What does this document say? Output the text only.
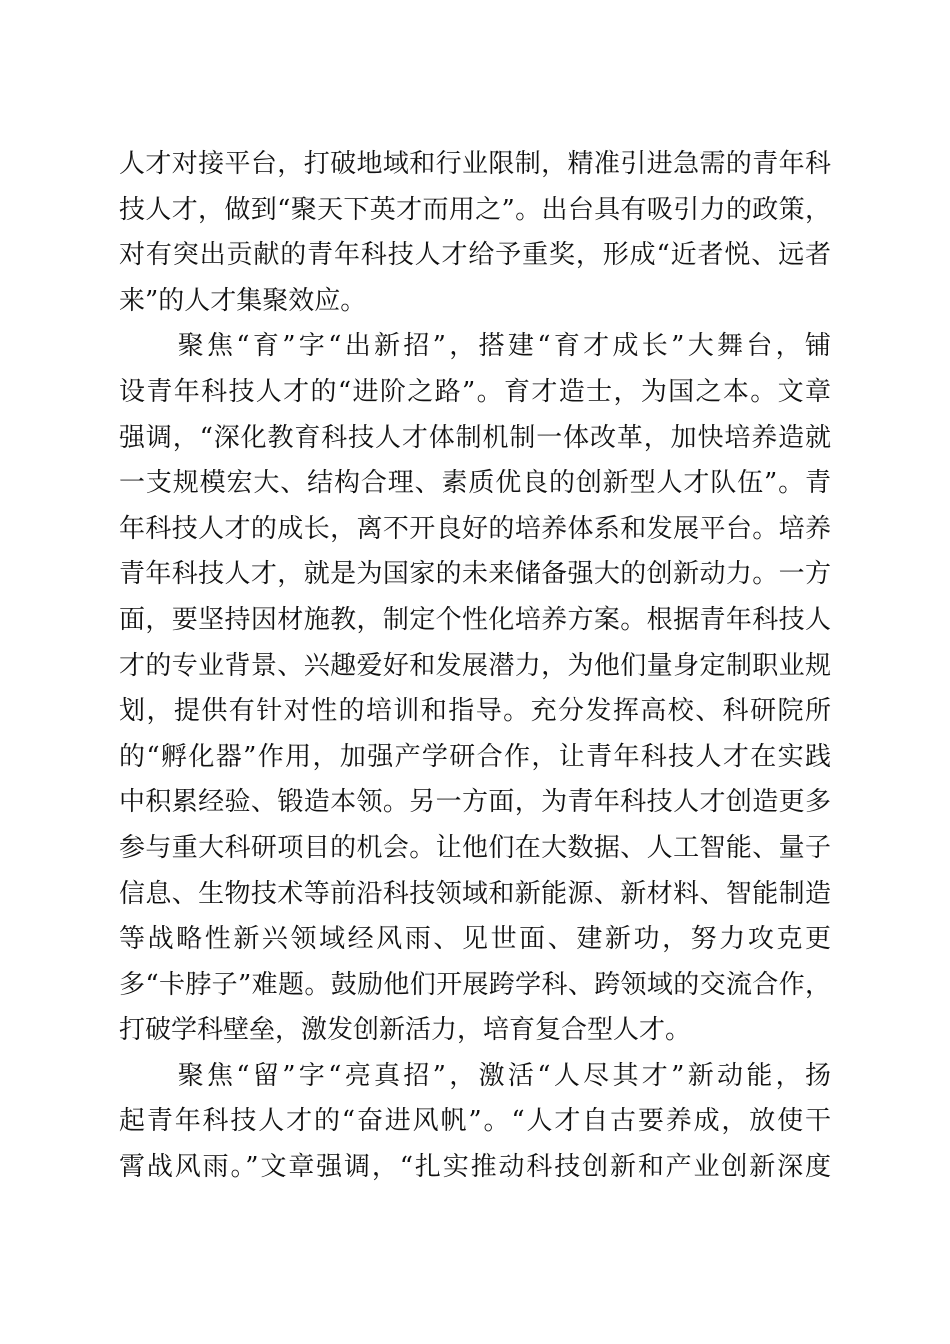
人才对接平台，打破地域和行业限制，精准引进急需的青年科
技人才，做到“聚天下英才而用之”。出台具有吸引力的政策，
对有突出贡献的青年科技人才给予重奖，形成“近者悦、远者
来”的人才集聚效应。
　　聚焦“育”字“出新招”，搭建“育才成长”大舞台，铺
设青年科技人才的“进阶之路”。育才造士，为国之本。文章
强调，“深化教育科技人才体制机制一体改革，加快培养造就
一支规模宏大、结构合理、素质优良的创新型人才队伍”。青
年科技人才的成长，离不开良好的培养体系和发展平台。培养
青年科技人才，就是为国家的未来储备强大的创新动力。一方
面，要坚持因材施教，制定个性化培养方案。根据青年科技人
才的专业背景、兴趣爱好和发展潜力，为他们量身定制职业规
划，提供有针对性的培训和指导。充分发挥高校、科研院所
的“孵化器”作用，加强产学研合作，让青年科技人才在实践
中积累经验、锻造本领。另一方面，为青年科技人才创造更多
参与重大科研项目的机会。让他们在大数据、人工智能、量子
信息、生物技术等前沿科技领域和新能源、新材料、智能制造
等战略性新兴领域经风雨、见世面、建新功，努力攻克更
多“卡脖子”难题。鼓励他们开展跨学科、跨领域的交流合作，
打破学科壁垒，激发创新活力，培育复合型人才。
　　聚焦“留”字“亮真招”，激活“人尽其才”新动能，扬
起青年科技人才的“奋进风帆”。“人才自古要养成，放使干
霄战风雨。”文章强调，“扎实推动科技创新和产业创新深度
